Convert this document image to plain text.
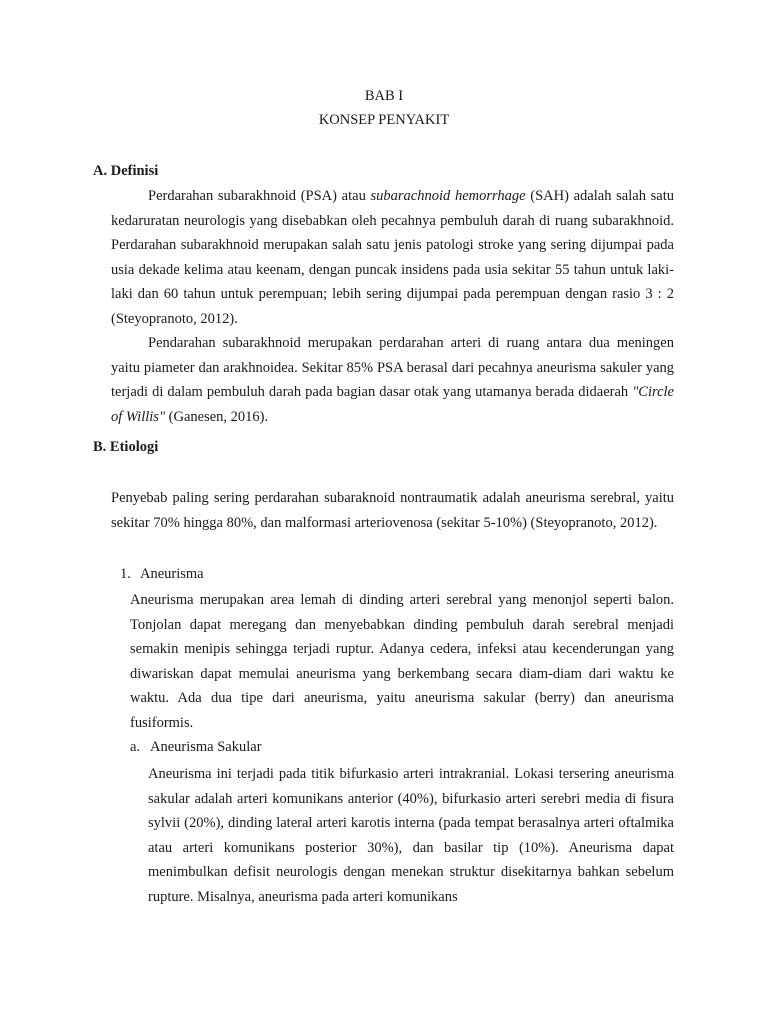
BAB I
KONSEP PENYAKIT
A. Definisi

Perdarahan subarakhnoid (PSA) atau subarachnoid hemorrhage (SAH) adalah salah satu kedaruratan neurologis yang disebabkan oleh pecahnya pembuluh darah di ruang subarakhnoid. Perdarahan subarakhnoid merupakan salah satu jenis patologi stroke yang sering dijumpai pada usia dekade kelima atau keenam, dengan puncak insidens pada usia sekitar 55 tahun untuk laki-laki dan 60 tahun untuk perempuan; lebih sering dijumpai pada perempuan dengan rasio 3 : 2 (Steyopranoto, 2012).

Pendarahan subarakhnoid merupakan perdarahan arteri di ruang antara dua meningen yaitu piameter dan arakhnoidea. Sekitar 85% PSA berasal dari pecahnya aneurisma sakuler yang terjadi di dalam pembuluh darah pada bagian dasar otak yang utamanya berada didaerah "Circle of Willis" (Ganesen, 2016).

B. Etiologi

Penyebab paling sering perdarahan subaraknoid nontraumatik adalah aneurisma serebral, yaitu sekitar 70% hingga 80%, dan malformasi arteriovenosa (sekitar 5-10%) (Steyopranoto, 2012).

1. Aneurisma

Aneurisma merupakan area lemah di dinding arteri serebral yang menonjol seperti balon. Tonjolan dapat meregang dan menyebabkan dinding pembuluh darah serebral menjadi semakin menipis sehingga terjadi ruptur. Adanya cedera, infeksi atau kecenderungan yang diwariskan dapat memulai aneurisma yang berkembang secara diam-diam dari waktu ke waktu. Ada dua tipe dari aneurisma, yaitu aneurisma sakular (berry) dan aneurisma fusiformis.

a. Aneurisma Sakular

Aneurisma ini terjadi pada titik bifurkasio arteri intrakranial. Lokasi tersering aneurisma sakular adalah arteri komunikans anterior (40%), bifurkasio arteri serebri media di fisura sylvii (20%), dinding lateral arteri karotis interna (pada tempat berasalnya arteri oftalmika atau arteri komunikans posterior 30%), dan basilar tip (10%). Aneurisma dapat menimbulkan defisit neurologis dengan menekan struktur disekitarnya bahkan sebelum rupture. Misalnya, aneurisma pada arteri komunikans
